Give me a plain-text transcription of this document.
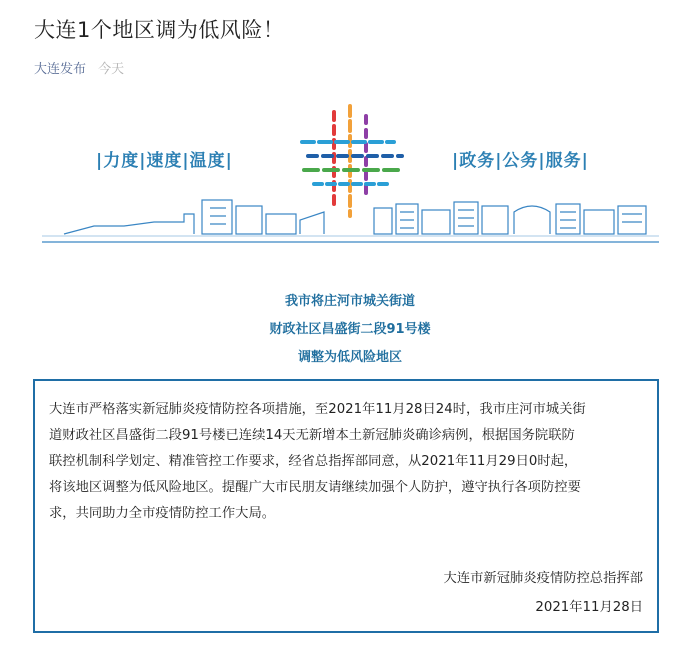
大连1个地区调为低风险！
大连发布 今天
|力度|速度|温度|	|政务|公务|服务|
我市将庄河市城关街道
财政社区昌盛街二段91号楼
调整为低风险地区
大连市严格落实新冠肺炎疫情防控各项措施，至2021年11月28日24时，我市庄河市城关街
道财政社区昌盛街二段91号楼已连续14天无新增本土新冠肺炎确诊病例，根据国务院联防
联控机制科学划定、精准管控工作要求，经省总指挥部同意，从2021年11月29日0时起，
将该地区调整为低风险地区。提醒广大市民朋友请继续加强个人防护，遵守执行各项防控要
求，共同助力全市疫情防控工作大局。
大连市新冠肺炎疫情防控总指挥部
2021年11月28日
